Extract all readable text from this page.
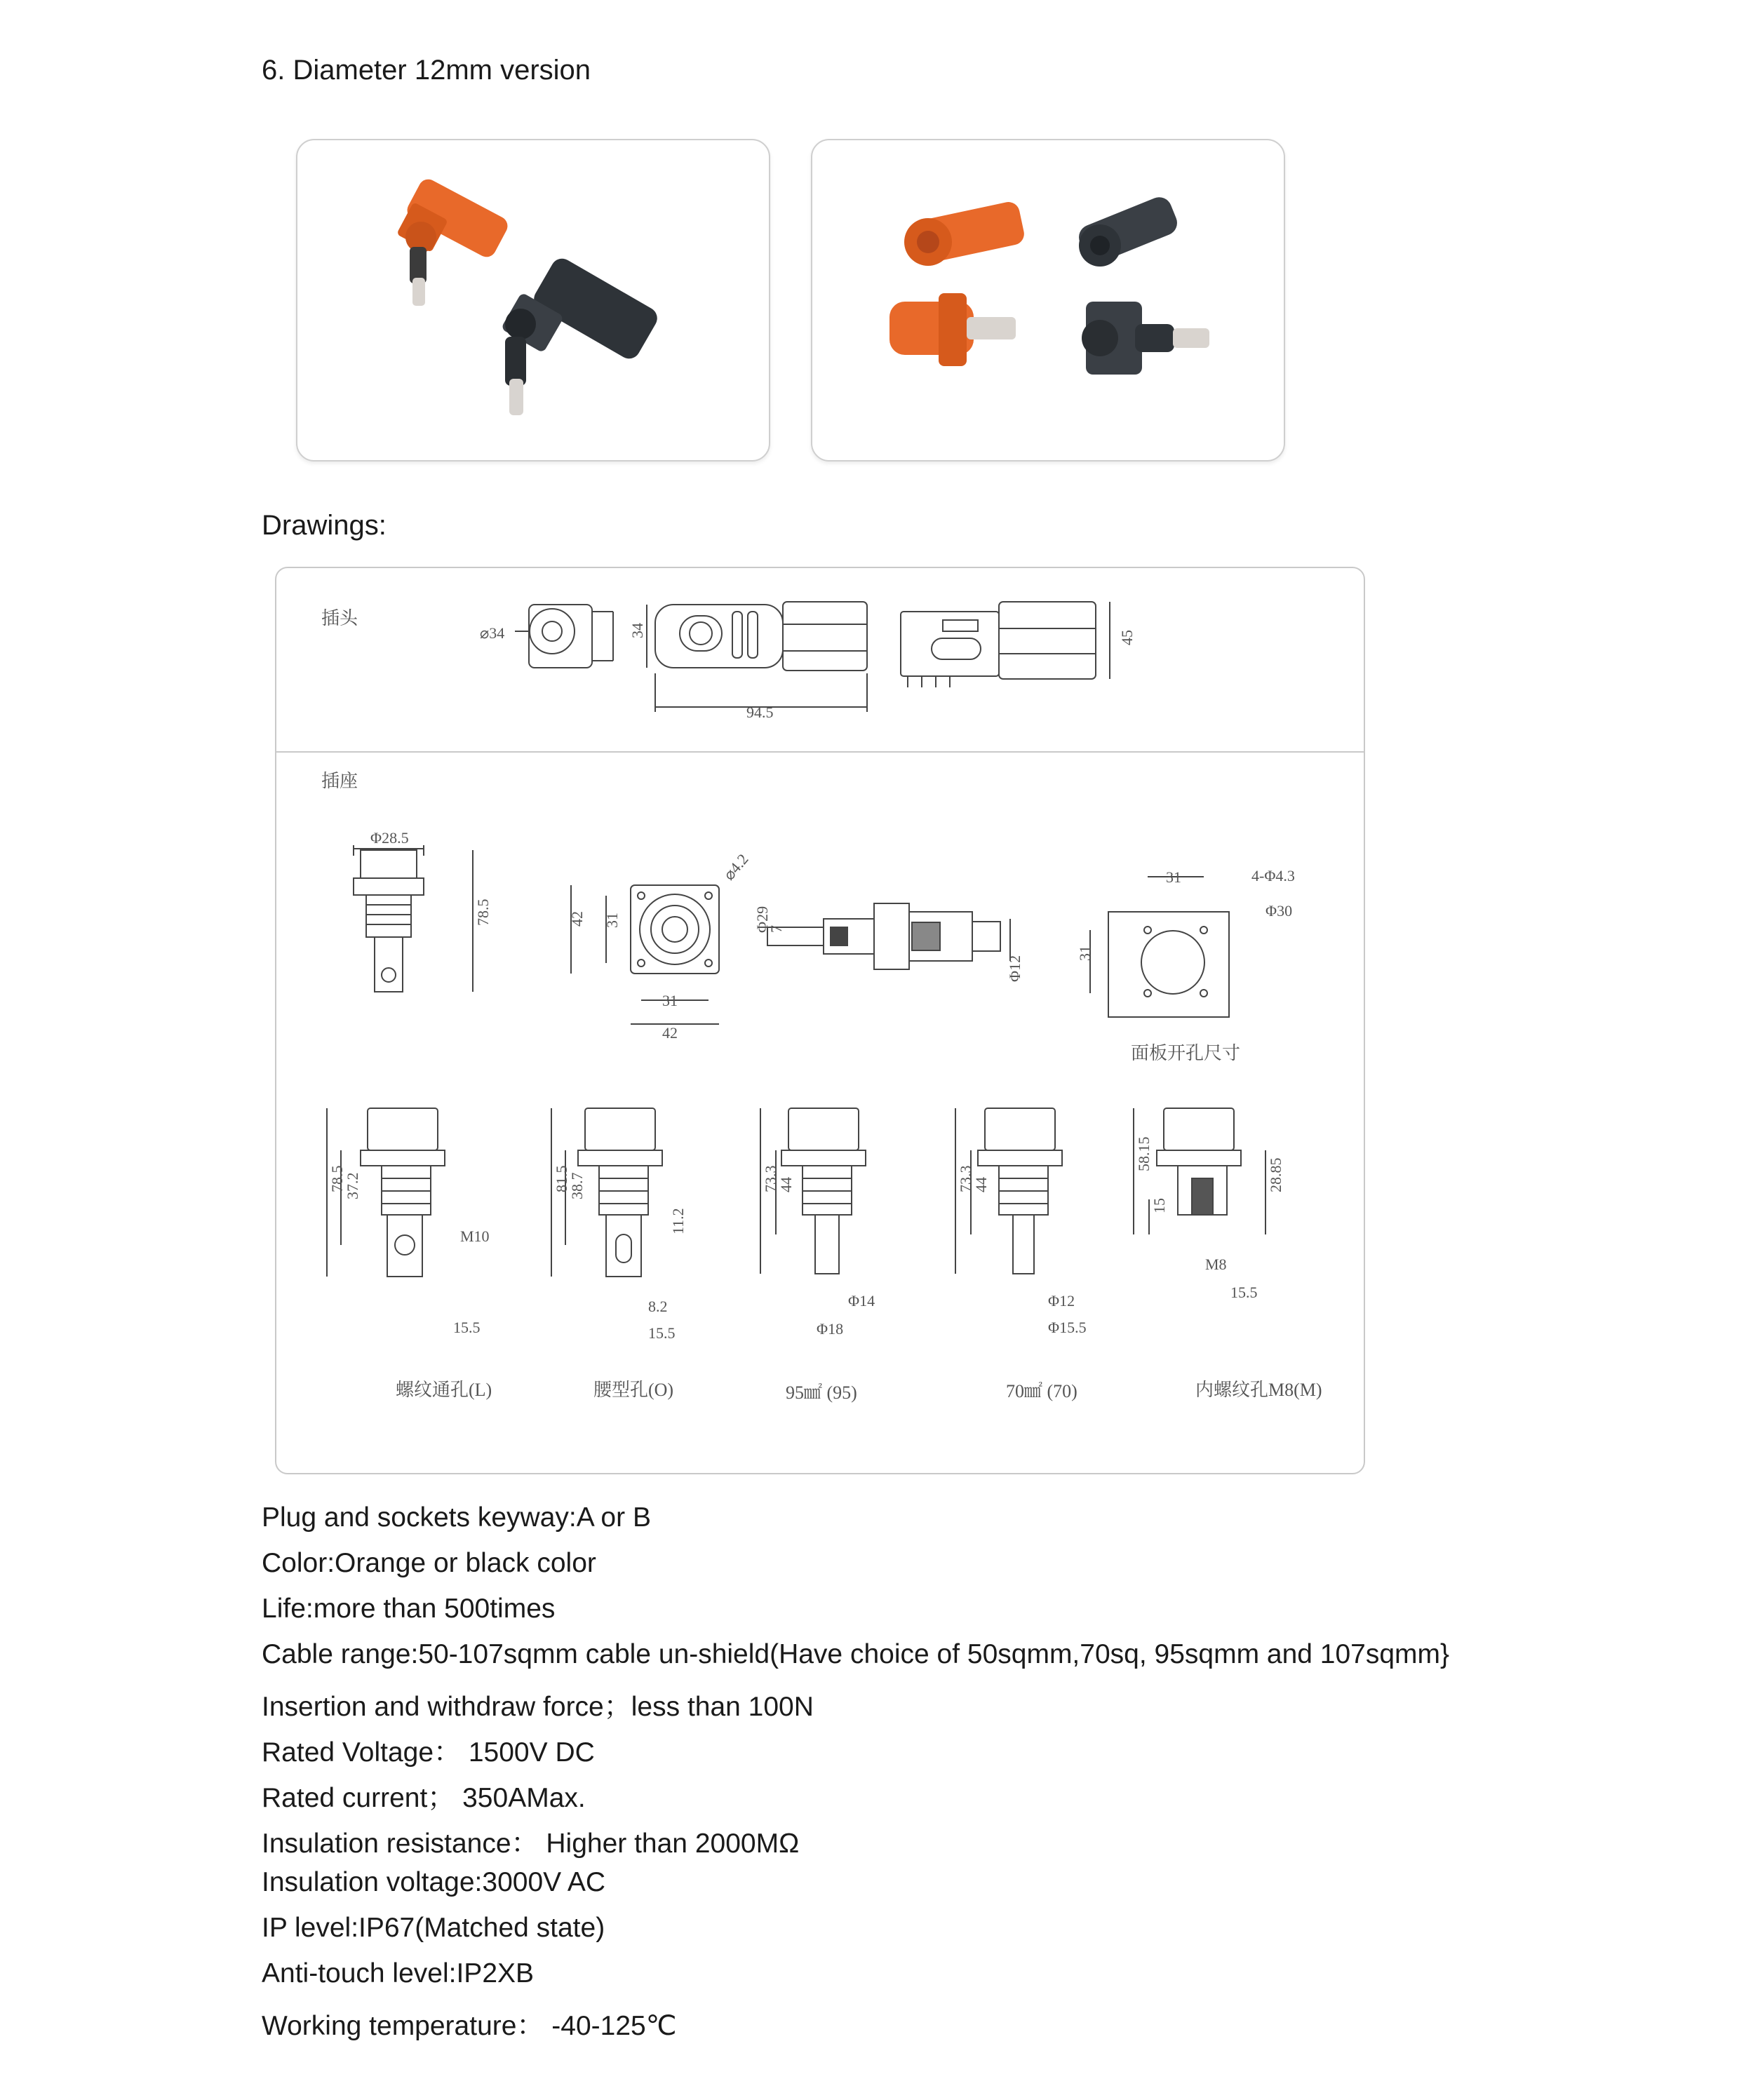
6. Diameter 12mm version
Drawings:
插头
⌀34	34
94.5
45
插座
Φ28.5
78.5	42 31
31
42
⌀4.2
Φ29
7
Φ12
31
31
4-Φ4.3
Φ30
面板开孔尺寸
78.5
37.2
M10
15.5
螺纹通孔(L)
81.5
38.7
11.2
8.2
15.5
腰型孔(O)
73.3
44
Φ14
Φ18
95㎟ (95)
73.3
44
Φ12
Φ15.5
70㎟ (70)
58.15
15
28.85
M8
15.5
内螺纹孔M8(M)
Plug and sockets keyway:A or B
Color:Orange or black color
Life:more than 500times
Cable range:50-107sqmm cable un-shield(Have choice of 50sqmm,70sq, 95sqmm and 107sqmm}
Insertion and withdraw force；less than 100N
Rated Voltage： 1500V DC
Rated current； 350AMax.
Insulation resistance： Higher than 2000MΩ
Insulation voltage:3000V AC
IP level:IP67(Matched state)
Anti-touch level:IP2XB
Working temperature： -40-125℃
